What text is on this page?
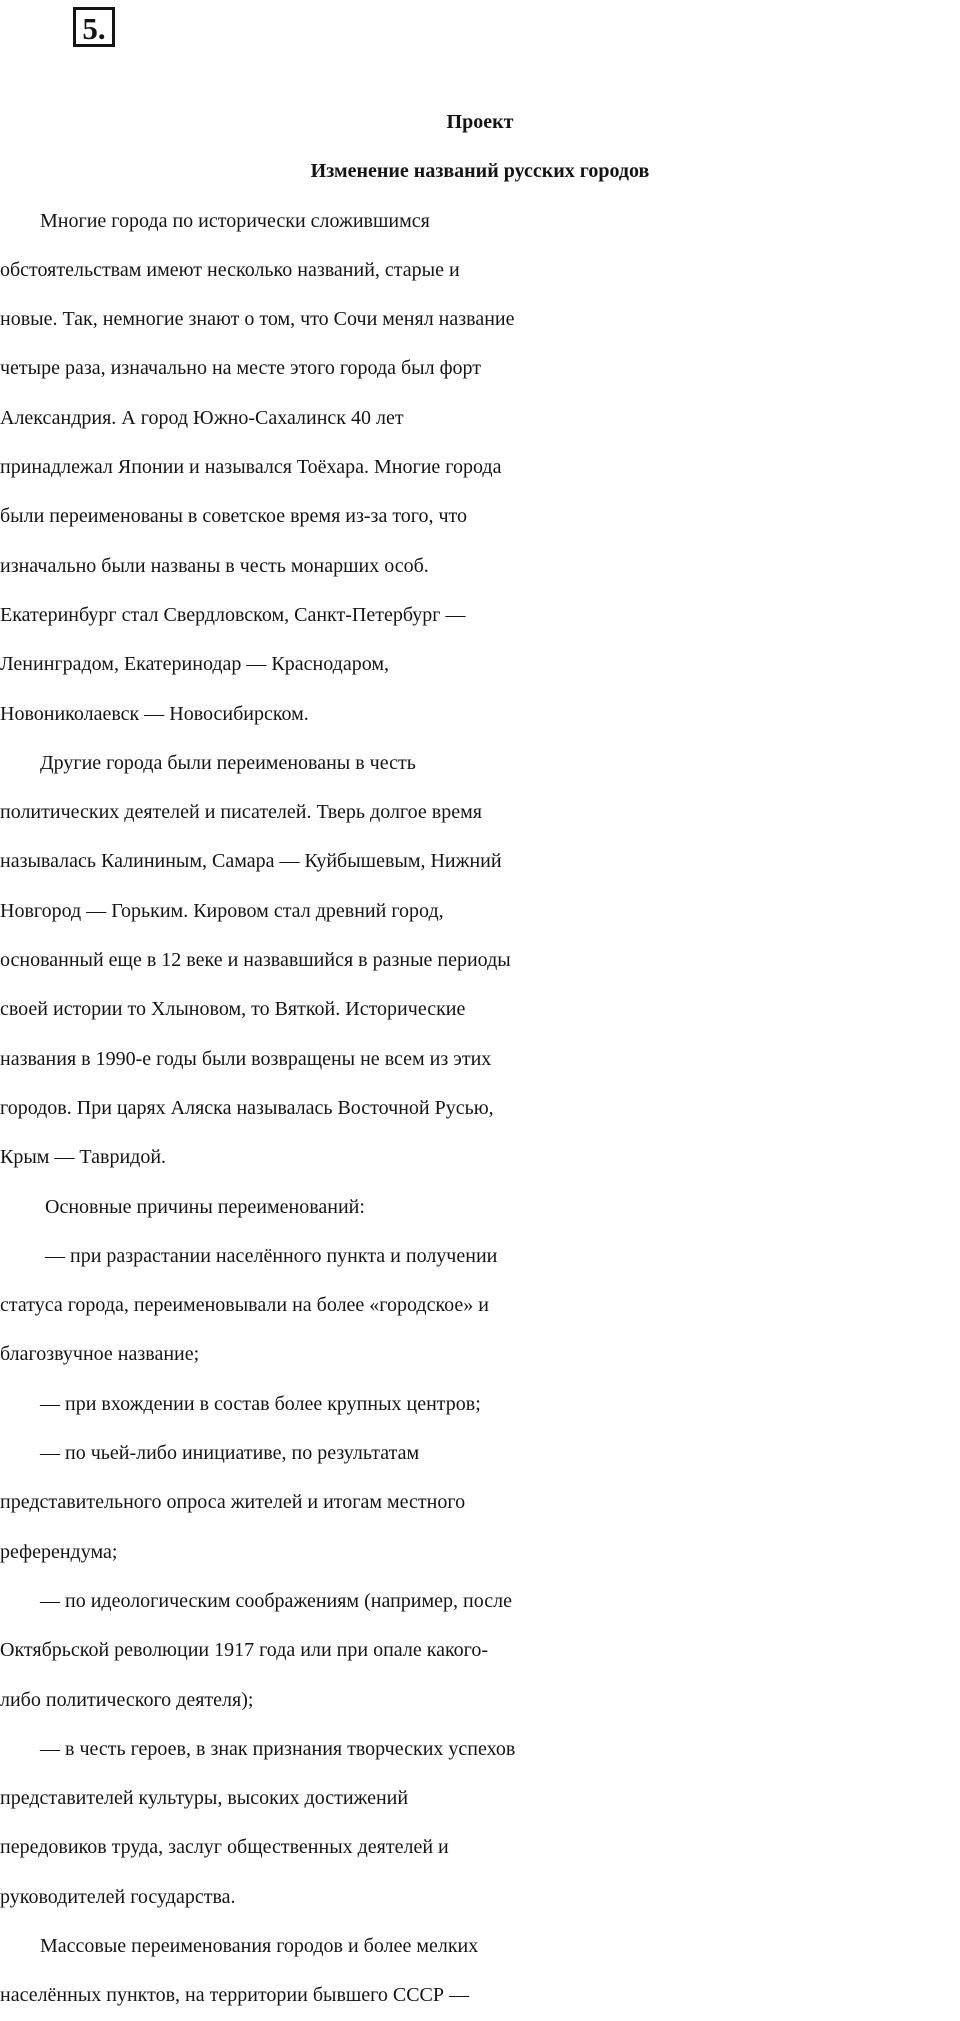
5.
Проект
Изменение названий русских городов
Многие города по исторически сложившимся
обстоятельствам имеют несколько названий, старые и
новые. Так, немногие знают о том, что Сочи менял название
четыре раза, изначально на месте этого города был форт
Александрия. А город Южно-Сахалинск 40 лет
принадлежал Японии и назывался Тоёхара. Многие города
были переименованы в советское время из-за того, что
изначально были названы в честь монарших особ.
Екатеринбург стал Свердловском, Санкт-Петербург —
Ленинградом, Екатеринодар — Краснодаром,
Новониколаевск — Новосибирском.
Другие города были переименованы в честь
политических деятелей и писателей. Тверь долгое время
называлась Калининым, Самара — Куйбышевым, Нижний
Новгород — Горьким. Кировом стал древний город,
основанный еще в 12 веке и назвавшийся в разные периоды
своей истории то Хлыновом, то Вяткой. Исторические
названия в 1990-е годы были возвращены не всем из этих
городов. При царях Аляска называлась Восточной Русью,
Крым — Тавридой.
Основные причины переименований:
— при разрастании населённого пункта и получении
статуса города, переименовывали на более «городское» и
благозвучное название;
— при вхождении в состав более крупных центров;
— по чьей-либо инициативе, по результатам
представительного опроса жителей и итогам местного
референдума;
— по идеологическим соображениям (например, после
Октябрьской революции 1917 года или при опале какого-
либо политического деятеля);
— в честь героев, в знак признания творческих успехов
представителей культуры, высоких достижений
передовиков труда, заслуг общественных деятелей и
руководителей государства.
Массовые переименования городов и более мелких
населённых пунктов, на территории бывшего СССР —
